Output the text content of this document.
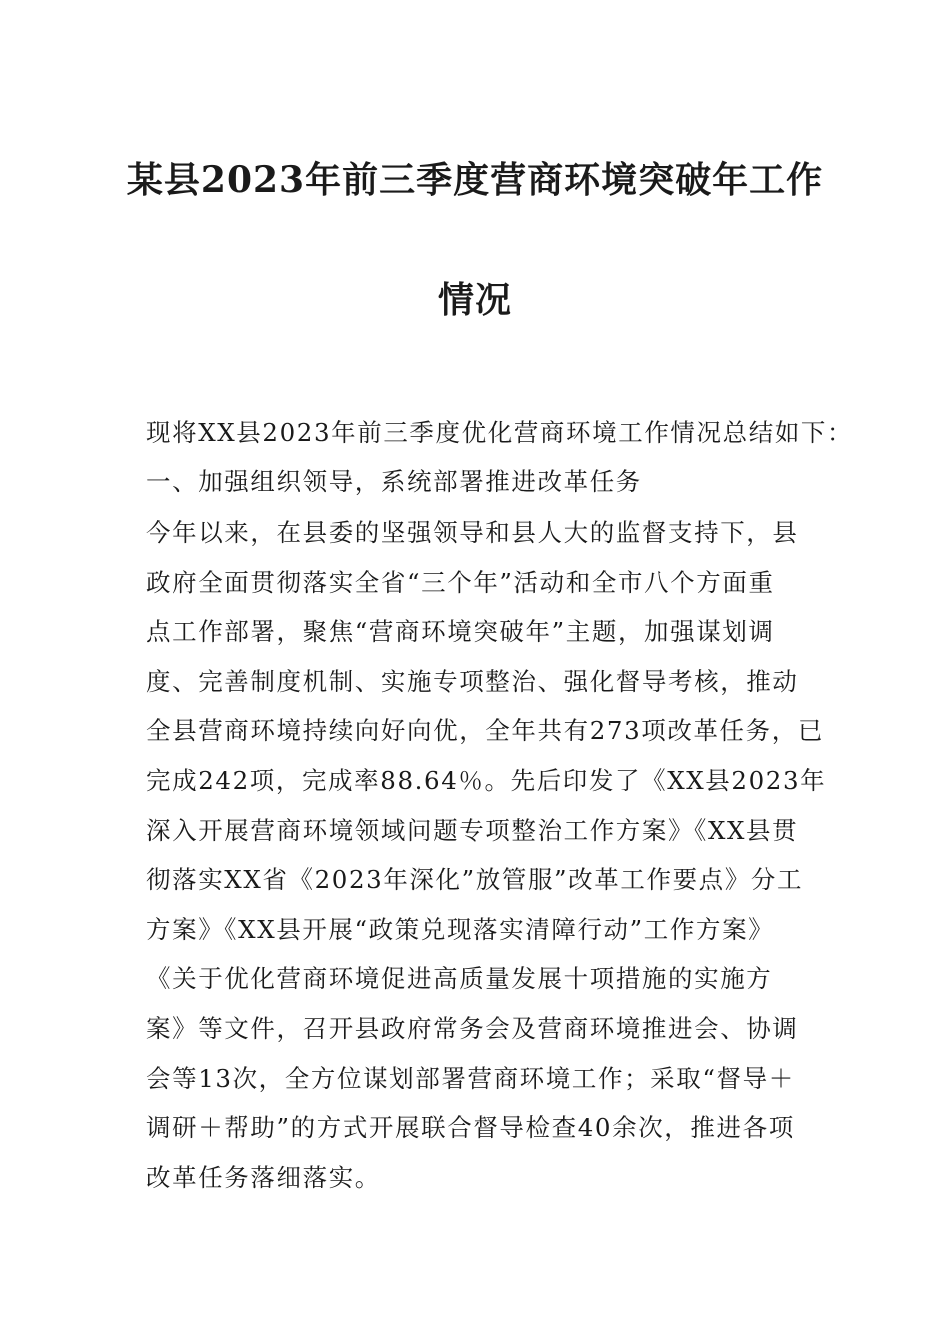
某县2023年前三季度营商环境突破年工作
情况
现将XX县2023年前三季度优化营商环境工作情况总结如下：
一、加强组织领导，系统部署推进改革任务
今年以来，在县委的坚强领导和县人大的监督支持下，县
政府全面贯彻落实全省“三个年”活动和全市八个方面重
点工作部署，聚焦“营商环境突破年”主题，加强谋划调
度、完善制度机制、实施专项整治、强化督导考核，推动
全县营商环境持续向好向优，全年共有273项改革任务，已
完成242项，完成率88.64％。先后印发了《XX县2023年
深入开展营商环境领域问题专项整治工作方案》《XX县贯
彻落实XX省《2023年深化”放管服”改革工作要点》分工
方案》《XX县开展“政策兑现落实清障行动”工作方案》
《关于优化营商环境促进高质量发展十项措施的实施方
案》等文件，召开县政府常务会及营商环境推进会、协调
会等13次，全方位谋划部署营商环境工作；采取“督导＋
调研＋帮助”的方式开展联合督导检查40余次，推进各项
改革任务落细落实。
